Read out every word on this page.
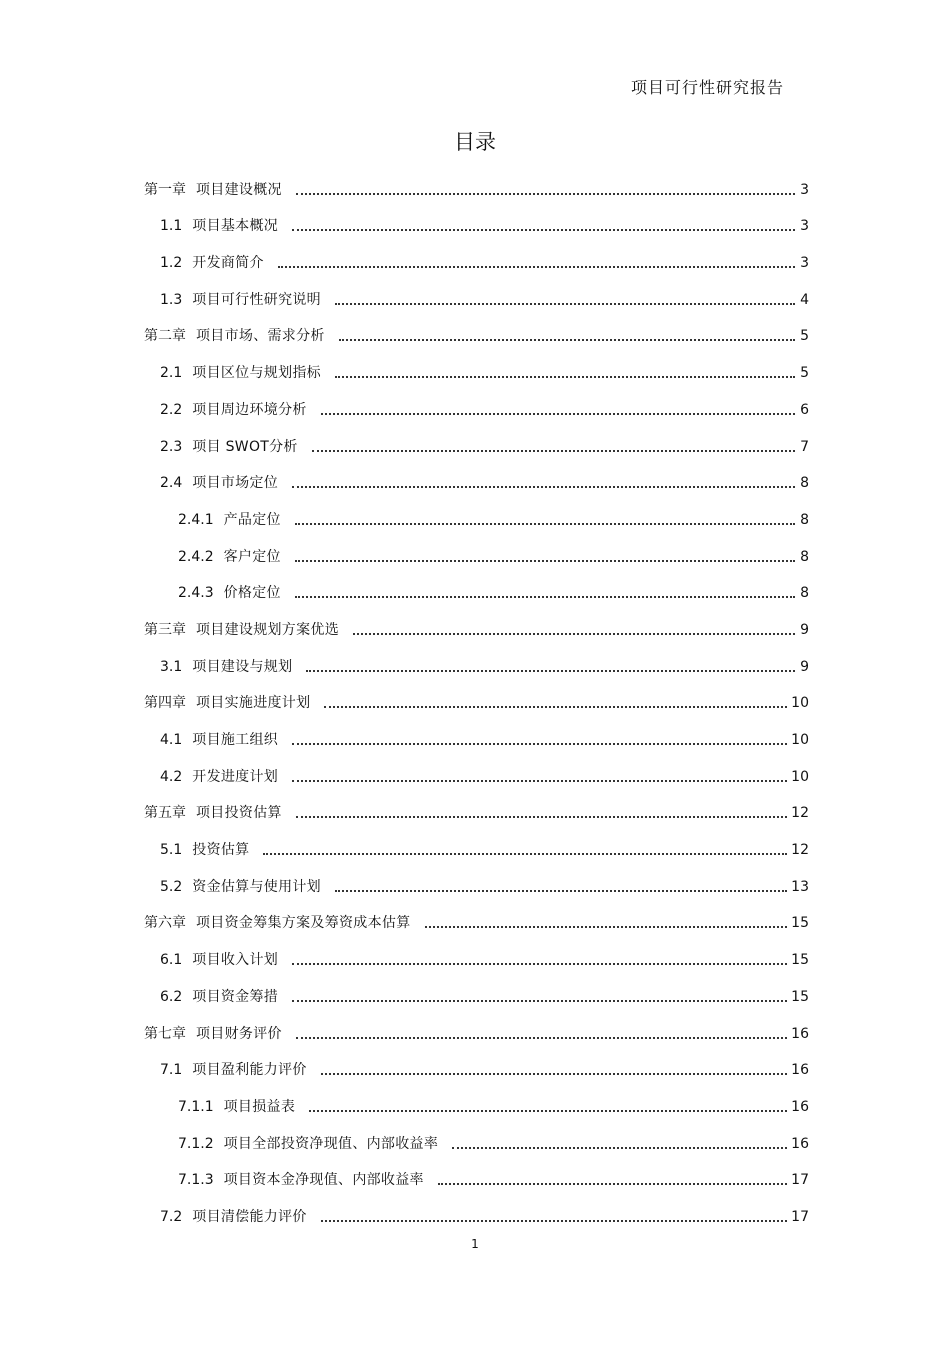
项目可行性研究报告
目录
第一章 项目建设概况	3
1.1 项目基本概况	3
1.2 开发商简介	3
1.3 项目可行性研究说明	4
第二章 项目市场、需求分析	5
2.1 项目区位与规划指标	5
2.2 项目周边环境分析	6
2.3 项目 SWOT分析	7
2.4 项目市场定位	8
2.4.1 产品定位	8
2.4.2 客户定位	8
2.4.3 价格定位	8
第三章 项目建设规划方案优选	9
3.1 项目建设与规划	9
第四章 项目实施进度计划	10
4.1 项目施工组织	10
4.2 开发进度计划	10
第五章 项目投资估算	12
5.1 投资估算	12
5.2 资金估算与使用计划	13
第六章 项目资金筹集方案及筹资成本估算	15
6.1 项目收入计划	15
6.2 项目资金筹措	15
第七章 项目财务评价	16
7.1 项目盈利能力评价	16
7.1.1 项目损益表	16
7.1.2 项目全部投资净现值、内部收益率	16
7.1.3 项目资本金净现值、内部收益率	17
7.2 项目清偿能力评价	17
1
